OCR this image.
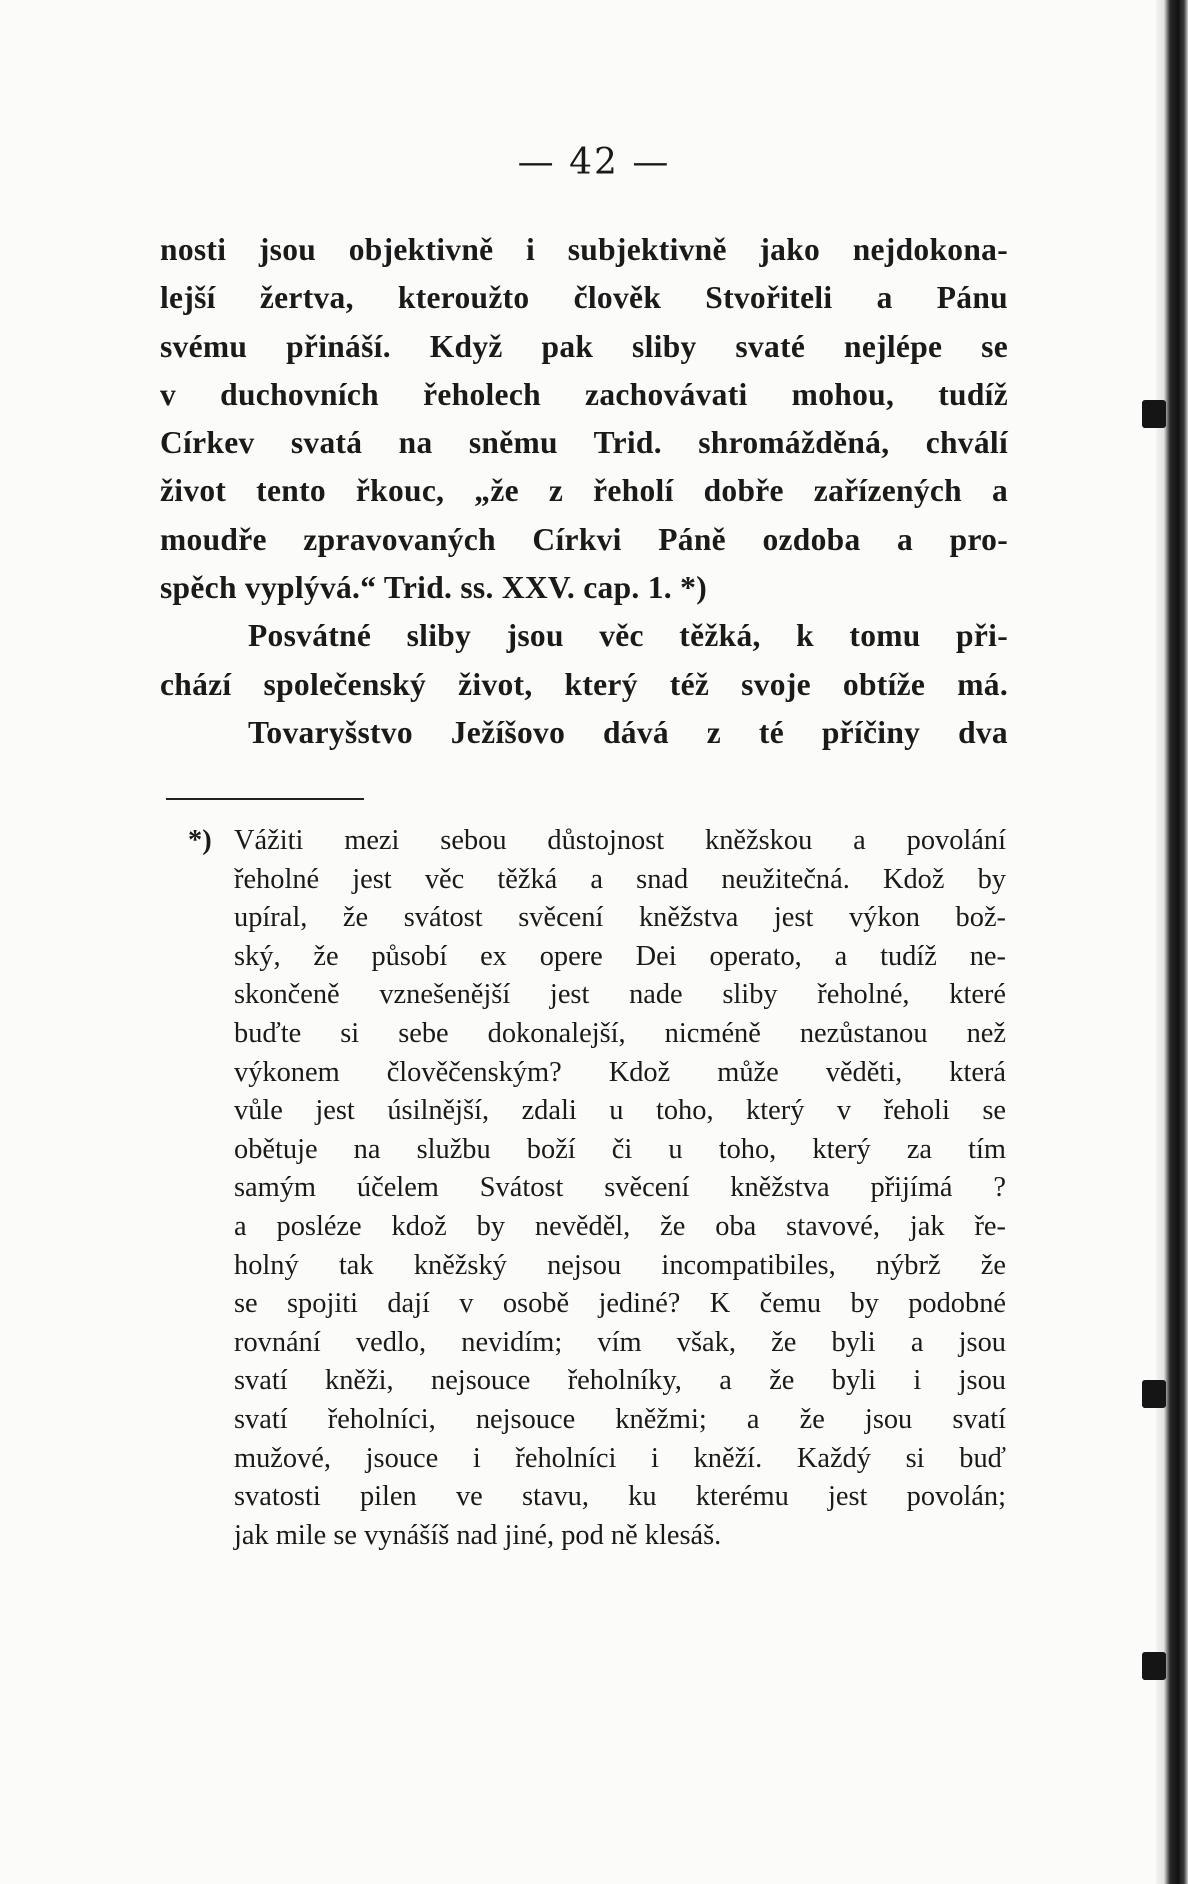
— 42 —
nosti jsou objektivně i subjektivně jako nejdokona-
lejší žertva, kteroužto člověk Stvořiteli a Pánu
svému přináší. Když pak sliby svaté nejlépe se
v duchovních řeholech zachovávati mohou, tudíž
Církev svatá na sněmu Trid. shromážděná, chválí
život tento řkouc, „že z řeholí dobře zařízených a
moudře zpravovaných Církvi Páně ozdoba a pro-
spěch vyplývá.“ Trid. ss. XXV. cap. 1. *)
Posvátné sliby jsou věc těžká, k tomu při-
chází společenský život, který též svoje obtíže má.
Tovaryšstvo Ježíšovo dává z té příčiny dva
*) Vážiti mezi sebou důstojnost kněžskou a povolání
řeholné jest věc těžká a snad neužitečná. Kdož by
upíral, že svátost svěcení kněžstva jest výkon bož-
ský, že působí ex opere Dei operato, a tudíž ne-
skončeně vznešenější jest nade sliby řeholné, které
buďte si sebe dokonalejší, nicméně nezůstanou než
výkonem člověčenským? Kdož může věděti, která
vůle jest úsilnější, zdali u toho, který v řeholi se
obětuje na službu boží či u toho, který za tím
samým účelem Svátost svěcení kněžstva přijímá ?
a posléze kdož by nevěděl, že oba stavové, jak ře-
holný tak kněžský nejsou incompatibiles, nýbrž že
se spojiti dají v osobě jediné? K čemu by podobné
rovnání vedlo, nevidím; vím však, že byli a jsou
svatí kněži, nejsouce řeholníky, a že byli i jsou
svatí řeholníci, nejsouce kněžmi; a že jsou svatí
mužové, jsouce i řeholníci i kněží. Každý si buď
svatosti pilen ve stavu, ku kterému jest povolán;
jak mile se vynášíš nad jiné, pod ně klesáš.
